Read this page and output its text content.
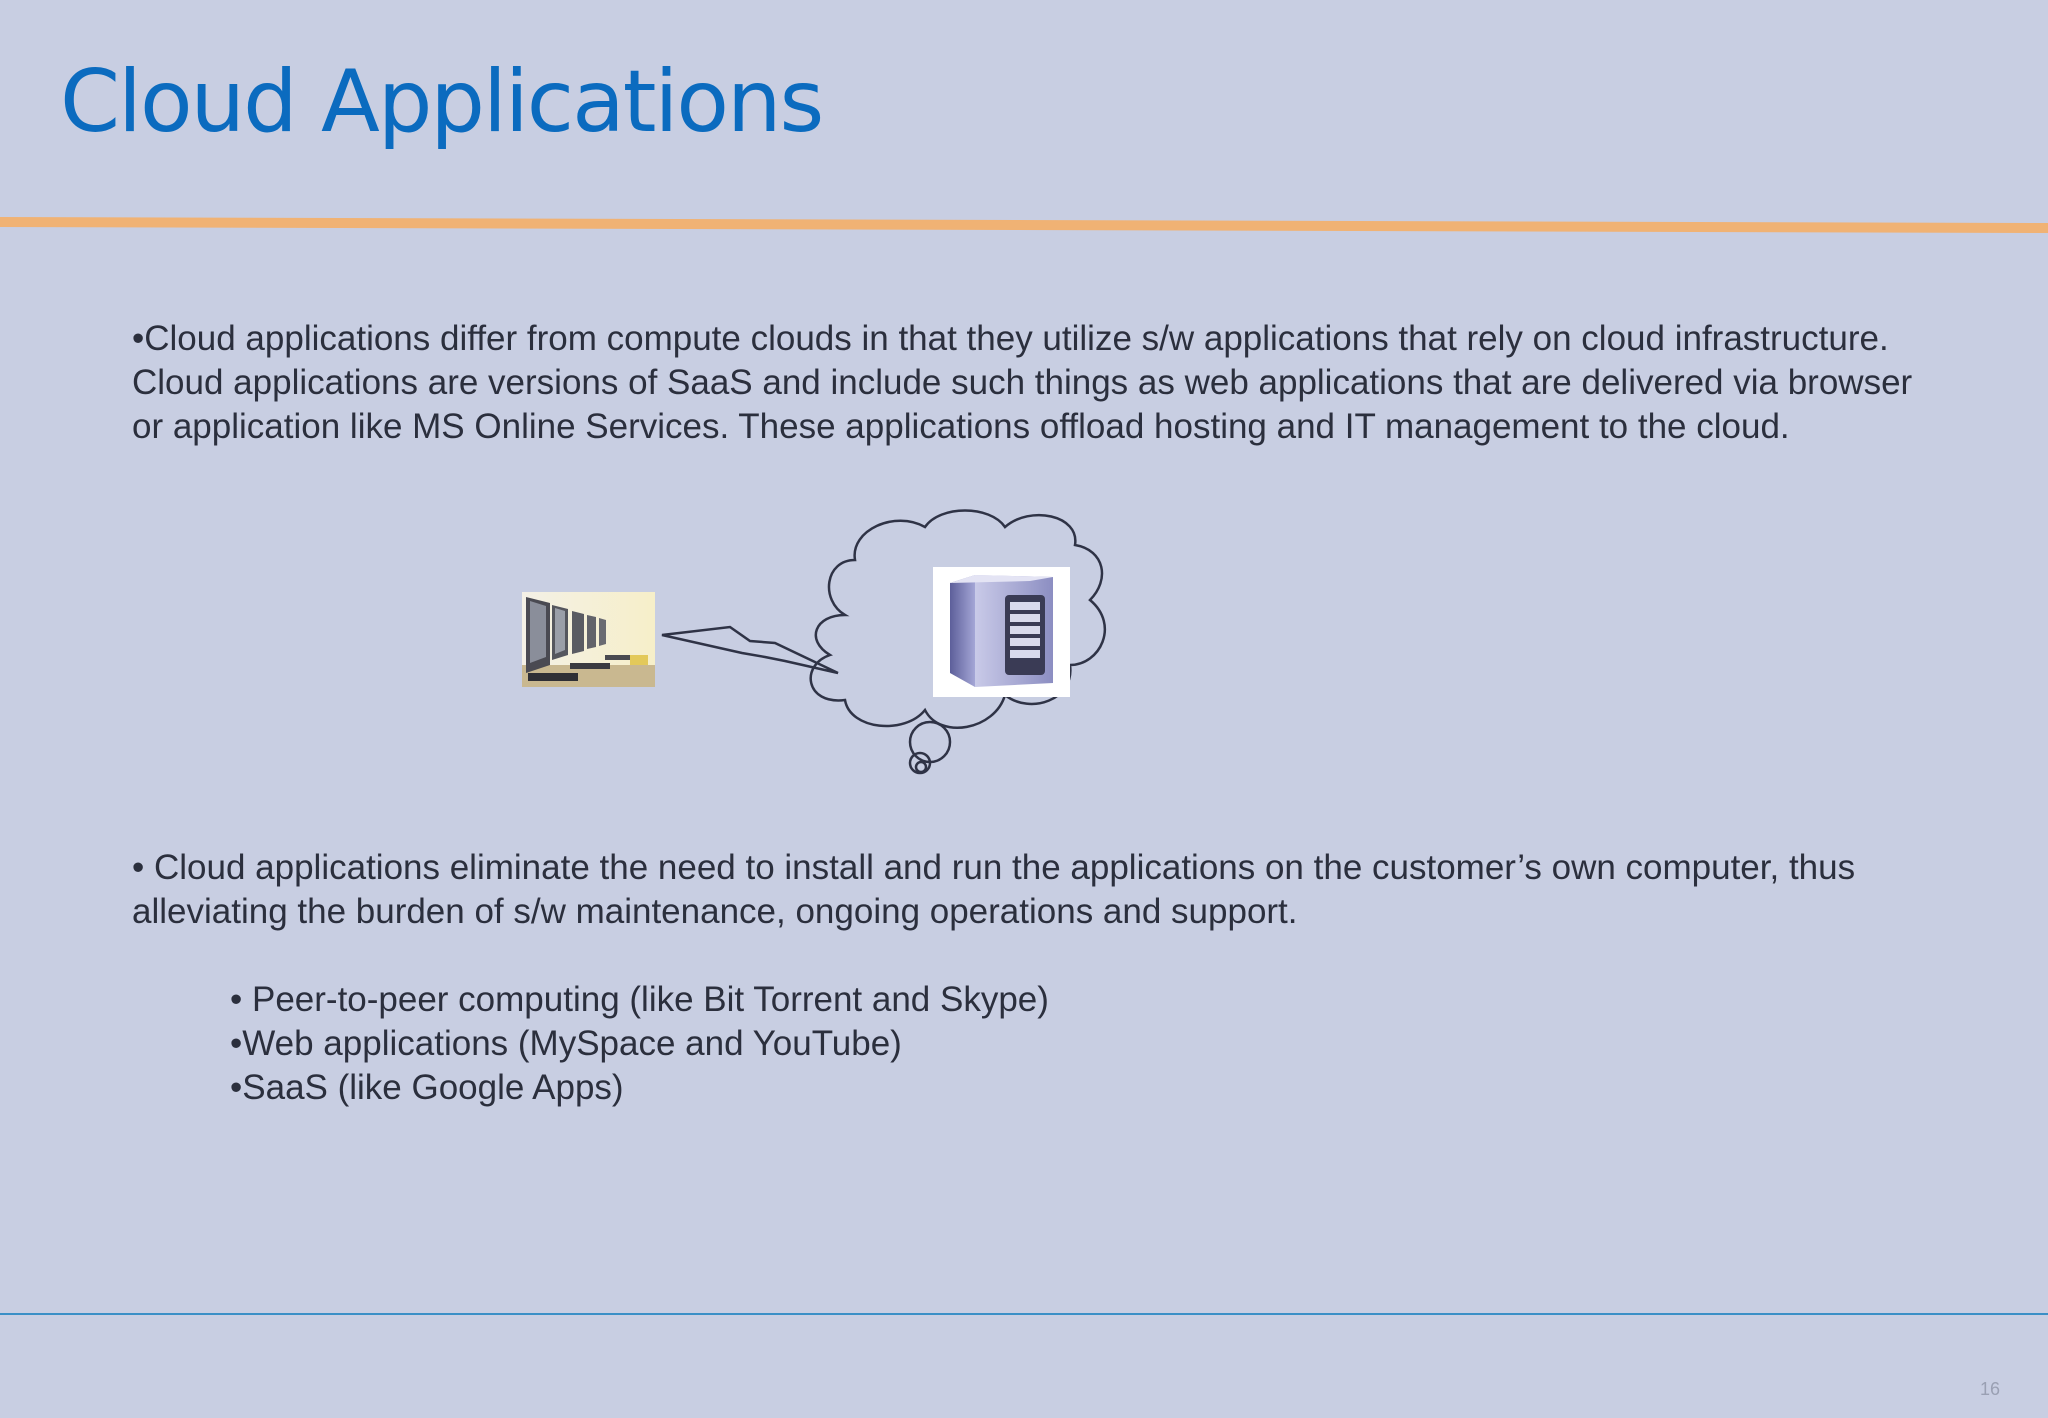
Cloud Applications

•Cloud applications differ from compute clouds in that they utilize s/w applications that rely on cloud infrastructure. Cloud applications are versions of SaaS and include such things as web applications that are delivered via browser or application like MS Online Services. These applications offload hosting and IT management to the cloud.

• Cloud applications eliminate the need to install and run the applications on the customer’s own computer, thus alleviating the burden of s/w maintenance, ongoing operations and support.

• Peer-to-peer computing (like Bit Torrent and Skype)
•Web applications (MySpace and YouTube)
•SaaS (like Google Apps)
16
